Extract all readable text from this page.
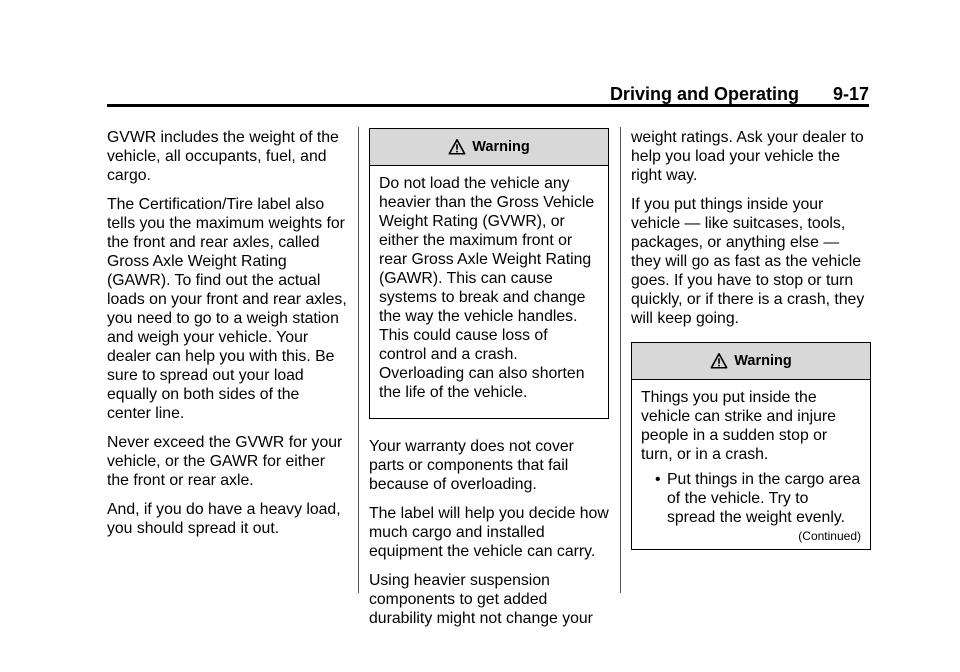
Driving and Operating 9-17

GVWR includes the weight of the vehicle, all occupants, fuel, and cargo.

The Certification/Tire label also tells you the maximum weights for the front and rear axles, called Gross Axle Weight Rating (GAWR). To find out the actual loads on your front and rear axles, you need to go to a weigh station and weigh your vehicle. Your dealer can help you with this. Be sure to spread out your load equally on both sides of the center line.

Never exceed the GVWR for your vehicle, or the GAWR for either the front or rear axle.

And, if you do have a heavy load, you should spread it out.

Warning

Do not load the vehicle any heavier than the Gross Vehicle Weight Rating (GVWR), or either the maximum front or rear Gross Axle Weight Rating (GAWR). This can cause systems to break and change the way the vehicle handles. This could cause loss of control and a crash. Overloading can also shorten the life of the vehicle.

Your warranty does not cover parts or components that fail because of overloading.

The label will help you decide how much cargo and installed equipment the vehicle can carry.

Using heavier suspension components to get added durability might not change your

weight ratings. Ask your dealer to help you load your vehicle the right way.

If you put things inside your vehicle — like suitcases, tools, packages, or anything else — they will go as fast as the vehicle goes. If you have to stop or turn quickly, or if there is a crash, they will keep going.

Warning

Things you put inside the vehicle can strike and injure people in a sudden stop or turn, or in a crash.

• Put things in the cargo area of the vehicle. Try to spread the weight evenly.
(Continued)
